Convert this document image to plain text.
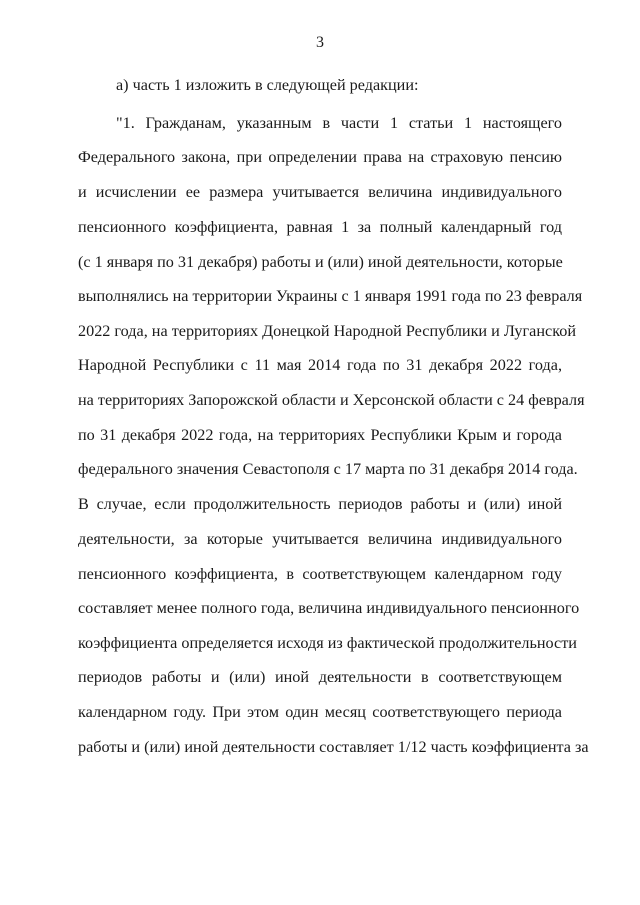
3
а) часть 1 изложить в следующей редакции:
"1. Гражданам, указанным в части 1 статьи 1 настоящего
Федерального закона, при определении права на страховую пенсию
и исчислении ее размера учитывается величина индивидуального
пенсионного коэффициента, равная 1 за полный календарный год
(с 1 января по 31 декабря) работы и (или) иной деятельности, которые
выполнялись на территории Украины с 1 января 1991 года по 23 февраля
2022 года, на территориях Донецкой Народной Республики и Луганской
Народной Республики с 11 мая 2014 года по 31 декабря 2022 года,
на территориях Запорожской области и Херсонской области с 24 февраля
по 31 декабря 2022 года, на территориях Республики Крым и города
федерального значения Севастополя с 17 марта по 31 декабря 2014 года.
В случае, если продолжительность периодов работы и (или) иной
деятельности, за которые учитывается величина индивидуального
пенсионного коэффициента, в соответствующем календарном году
составляет менее полного года, величина индивидуального пенсионного
коэффициента определяется исходя из фактической продолжительности
периодов работы и (или) иной деятельности в соответствующем
календарном году. При этом один месяц соответствующего периода
работы и (или) иной деятельности составляет 1/12 часть коэффициента за
